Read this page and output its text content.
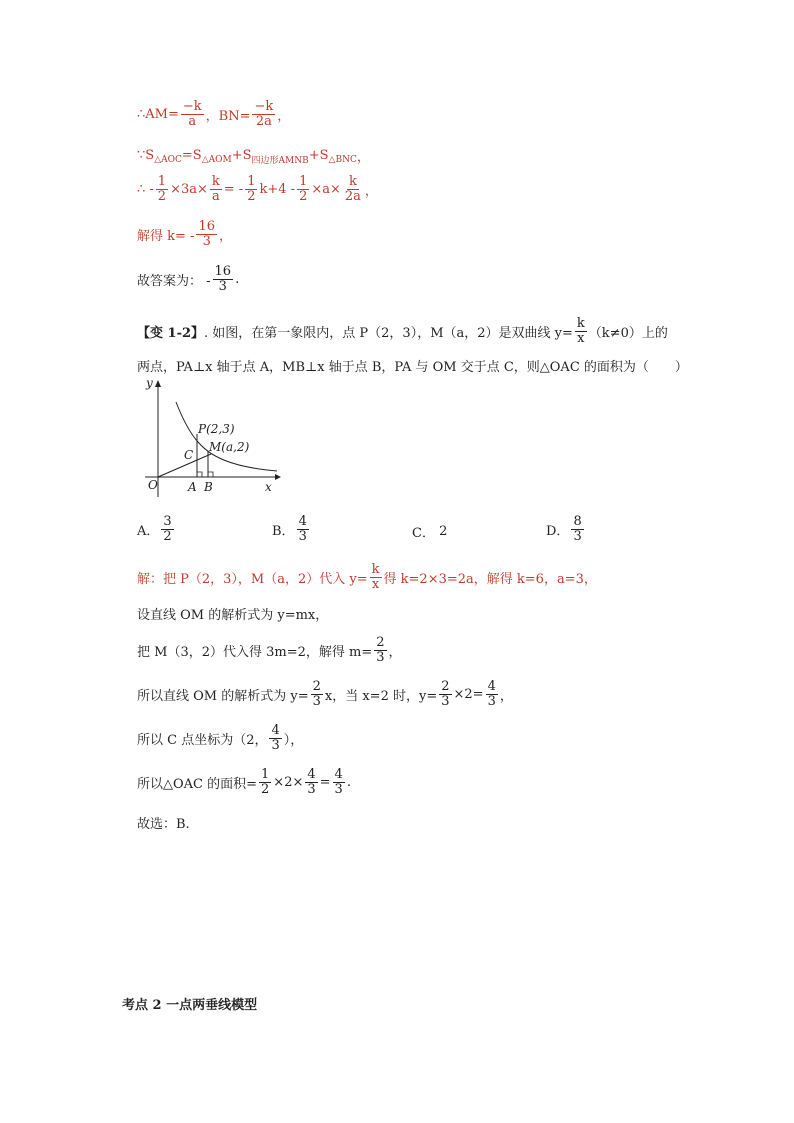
∴AM= $\frac{-k}{a}$ ，$BN= \frac{-k}{2a}$ ，
∵S △AOC =S △AOM +S 四边形AMNB +S △BNC ，
∴ - $\frac{1}{2} \times 3a\times \frac{k}{a}$ = - $\frac{1}{2} k+4 - \frac{1}{2} \times a\times \frac{k}{2a}$ ，
解得 $k= - \frac{16}{3}$ ，
故答案为： - $\frac{16}{3}$ .
【变 1-2】 . 如图，在第一象限内，点 P（2，3），M（a，2）是双曲线 $y= \frac{k}{x} (k\ne 0)$上的
两点，PA⊥x 轴于点 A，MB⊥x 轴于点 B，PA 与 OM 交于点 C，则△OAC 的面积为（　　）
y
x
O
P(2,3)
M(a,2)
C
A B
A． $\frac{3}{2}$	B． $\frac{4}{3}$	C．
2	D． $\frac{8}{3}$
解：把 P（2，3），M（a，2）代入 $y= \frac{k}{x}$ 得 k=2×3=2a，解得 k=6，a=3，
设直线 OM 的解析式为 y=mx，
把 M（3，2）代入得 3m=2，解得 $m= \frac{2}{3}$ ，
所以直线 OM 的解析式为 $y= \frac{2}{3}$ x，当 x=2 时，$y= \frac{2}{3} \times 2= \frac{4}{3}$ ，
所以 C 点坐标为（2， $\frac{4}{3}$ ），
所以△OAC 的面积= $\frac{1}{2} \times 2\times \frac{4}{3} = \frac{4}{3}$ .
故选：B.
考点 2 一点两垂线模型
